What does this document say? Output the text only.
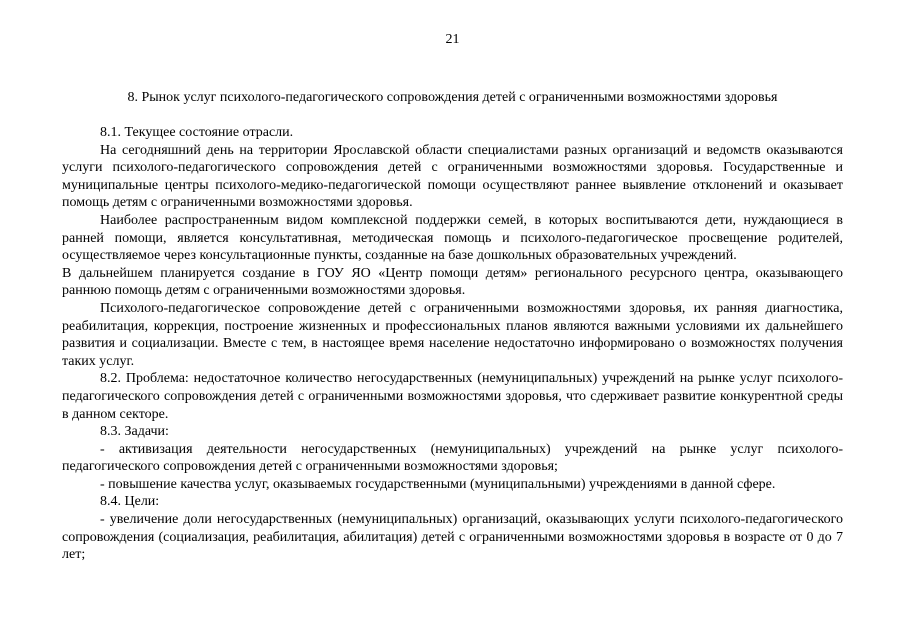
21
8. Рынок услуг психолого-педагогического сопровождения детей с ограниченными возможностями здоровья

8.1. Текущее состояние отрасли.

На сегодняшний день на территории Ярославской области специалистами разных организаций и ведомств оказываются услуги психолого-педагогического сопровождения детей с ограниченными возможностями здоровья. Государственные и муниципальные центры психолого-медико-педагогической помощи осуществляют раннее выявление отклонений и оказывает помощь детям с ограниченными возможностями здоровья.

Наиболее распространенным видом комплексной поддержки семей, в которых воспитываются дети, нуждающиеся в ранней помощи, является консультативная, методическая помощь и психолого-педагогическое просвещение родителей, осуществляемое через консультационные пункты, созданные на базе дошкольных образовательных учреждений.

В дальнейшем планируется создание в ГОУ ЯО «Центр помощи детям» регионального ресурсного центра, оказывающего раннюю помощь детям с ограниченными возможностями здоровья.

Психолого-педагогическое сопровождение детей с ограниченными возможностями здоровья, их ранняя диагностика, реабилитация, коррекция, построение жизненных и профессиональных планов являются важными условиями их дальнейшего развития и социализации. Вместе с тем, в настоящее время население недостаточно информировано о возможностях получения таких услуг.

8.2. Проблема: недостаточное количество негосударственных (немуниципальных) учреждений на рынке услуг психолого-педагогического сопровождения детей с ограниченными возможностями здоровья, что сдерживает развитие конкурентной среды в данном секторе.

8.3. Задачи:

- активизация деятельности негосударственных (немуниципальных) учреждений на рынке услуг психолого-педагогического сопровождения детей с ограниченными возможностями здоровья;

- повышение качества услуг, оказываемых государственными (муниципальными) учреждениями в данной сфере.

8.4. Цели:

- увеличение доли негосударственных (немуниципальных) организаций, оказывающих услуги психолого-педагогического сопровождения (социализация, реабилитация, абилитация) детей с ограниченными возможностями здоровья в возрасте от 0 до 7 лет;
